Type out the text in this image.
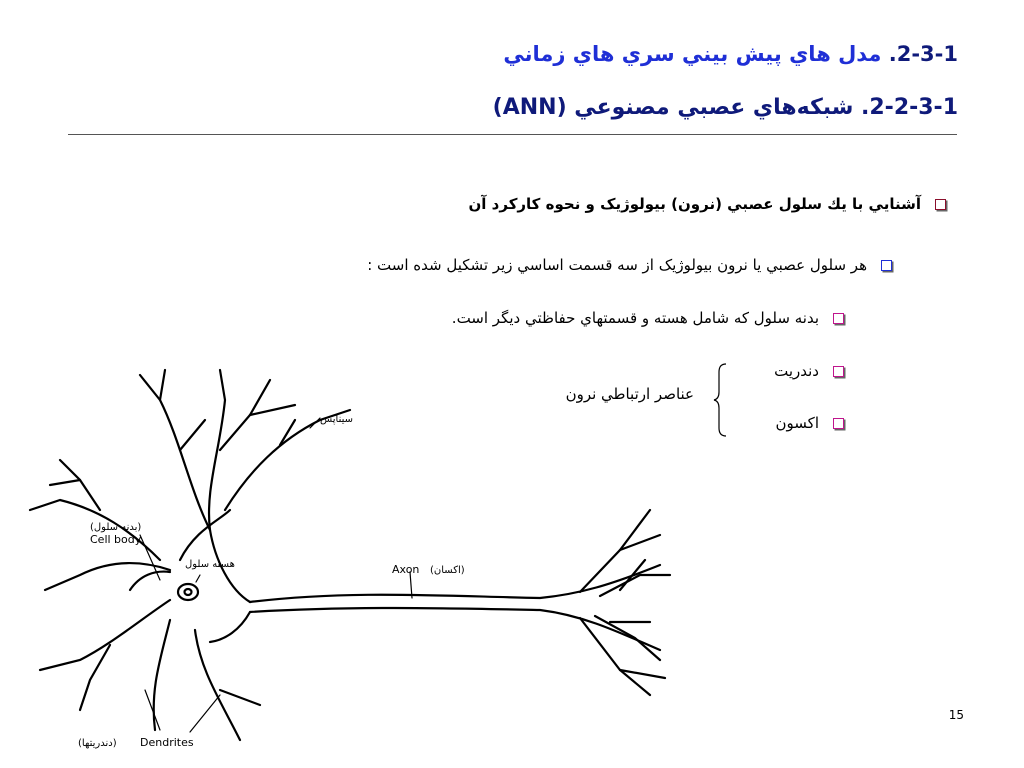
2-3-1. مدل هاي پيش بيني سري هاي زماني
2-2-3-1. شبکه‌هاي عصبي مصنوعي (ANN)
آشنايي با يك سلول عصبي (نرون) بيولوژيک و نحوه كاركرد آن
هر سلول عصبي يا نرون بيولوژيک از سه قسمت اساسي زير تشكيل شده است :
بدنه سلول كه شامل هسته و قسمتهاي حفاظتي ديگر است.
دندريت
اكسون
عناصر ارتباطي نرون
سيناپس
(بدنه سلول)
Cell body
هسته سلول	Axon (اكسان)
Dendrites
(دندريتها)
15
